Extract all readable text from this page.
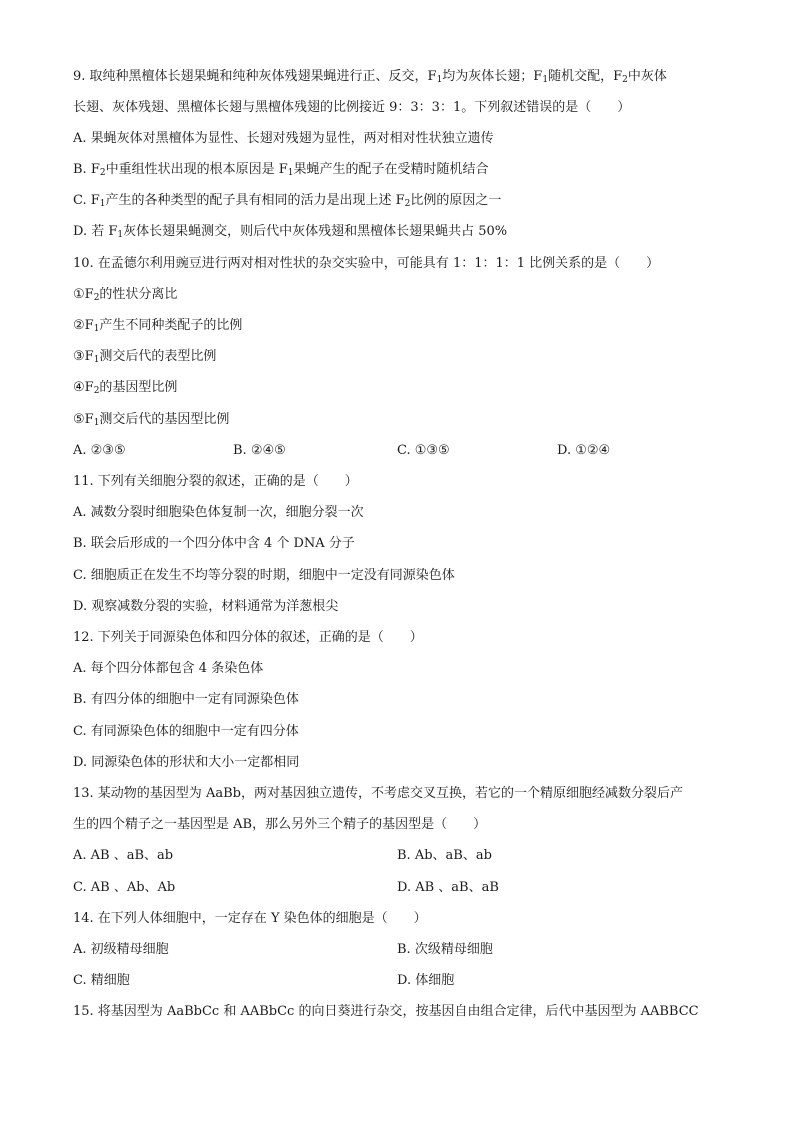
9. 取纯种黑檀体长翅果蝇和纯种灰体残翅果蝇进行正、反交，$F_1$均为灰体长翅；$F_1$随机交配，$F_2$中灰体
长翅、灰体残翅、黑檀体长翅与黑檀体残翅的比例接近 9：3：3：1。下列叙述错误的是（　　）
A. 果蝇灰体对黑檀体为显性、长翅对残翅为显性，两对相对性状独立遗传
B. $F_2$中重组性状出现的根本原因是 $F_1$果蝇产生的配子在受精时随机结合
C. $F_1$产生的各种类型的配子具有相同的活力是出现上述 $F_2$比例的原因之一
D. 若 $F_1$灰体长翅果蝇测交，则后代中灰体残翅和黑檀体长翅果蝇共占 50%
10. 在孟德尔利用豌豆进行两对相对性状的杂交实验中，可能具有 1：1：1：1 比例关系的是（　　）
$①F_2$的性状分离比
$②F_1$产生不同种类配子的比例
$③F_1$测交后代的表型比例
$④F_2$的基因型比例
$⑤F_1$测交后代的基因型比例
A. ②③⑤	B. ②④⑤	C. ①③⑤	D. ①②④
11. 下列有关细胞分裂的叙述，正确的是（　　）
A. 减数分裂时细胞染色体复制一次，细胞分裂一次
B. 联会后形成的一个四分体中含 4 个 DNA 分子
C. 细胞质正在发生不均等分裂的时期，细胞中一定没有同源染色体
D. 观察减数分裂的实验，材料通常为洋葱根尖
12. 下列关于同源染色体和四分体的叙述，正确的是（　　）
A. 每个四分体都包含 4 条染色体
B. 有四分体的细胞中一定有同源染色体
C. 有同源染色体的细胞中一定有四分体
D. 同源染色体的形状和大小一定都相同
13. 某动物的基因型为 AaBb，两对基因独立遗传，不考虑交叉互换，若它的一个精原细胞经减数分裂后产
生的四个精子之一基因型是 AB，那么另外三个精子的基因型是（　　）
A. AB 、aB、ab	B. Ab、aB、ab
C. AB 、Ab、Ab	D. AB 、aB、aB
14. 在下列人体细胞中，一定存在 Y 染色体的细胞是（　　）
A. 初级精母细胞	B. 次级精母细胞
C. 精细胞	D. 体细胞
15. 将基因型为 AaBbCc 和 AABbCc 的向日葵进行杂交，按基因自由组合定律，后代中基因型为 AABBCC
